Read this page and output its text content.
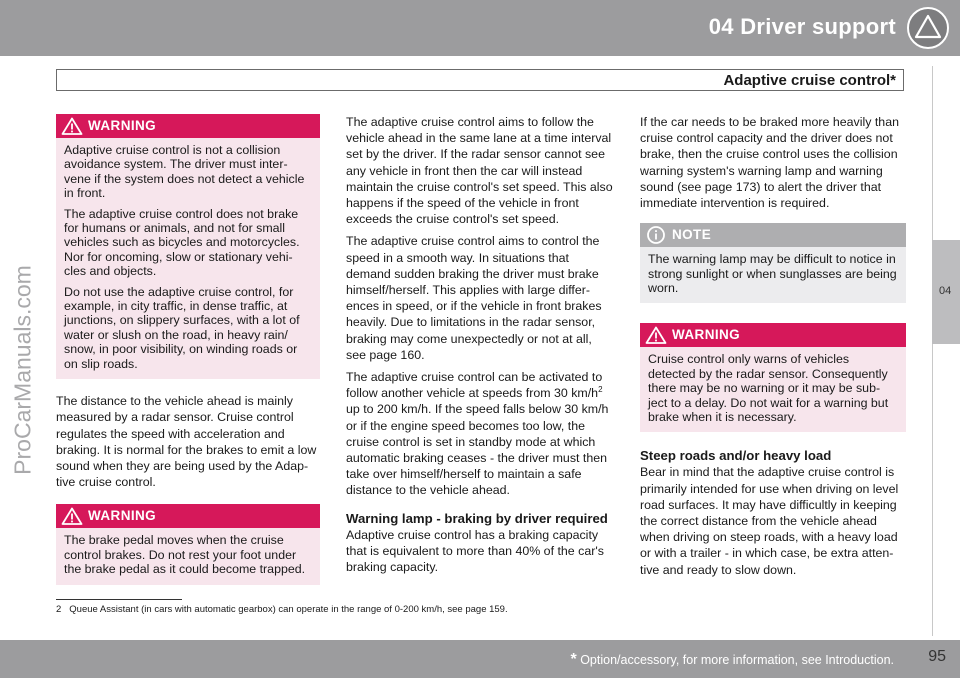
04 Driver support
Adaptive cruise control*
04
ProCarManuals.com
WARNING

Adaptive cruise control is not a collision avoidance system. The driver must inter-vene if the system does not detect a vehicle in front.

The adaptive cruise control does not brake for humans or animals, and not for small vehicles such as bicycles and motorcycles. Nor for oncoming, slow or stationary vehi-cles and objects.

Do not use the adaptive cruise control, for example, in city traffic, in dense traffic, at junctions, on slippery surfaces, with a lot of water or slush on the road, in heavy rain/ snow, in poor visibility, on winding roads or on slip roads.

The distance to the vehicle ahead is mainly measured by a radar sensor. Cruise control regulates the speed with acceleration and braking. It is normal for the brakes to emit a low sound when they are being used by the Adap-tive cruise control.

WARNING

The brake pedal moves when the cruise control brakes. Do not rest your foot under the brake pedal as it could become trapped.

The adaptive cruise control aims to follow the vehicle ahead in the same lane at a time interval set by the driver. If the radar sensor cannot see any vehicle in front then the car will instead maintain the cruise control's set speed. This also happens if the speed of the vehicle in front exceeds the cruise control's set speed.

The adaptive cruise control aims to control the speed in a smooth way. In situations that demand sudden braking the driver must brake himself/herself. This applies with large differ-ences in speed, or if the vehicle in front brakes heavily. Due to limitations in the radar sensor, braking may come unexpectedly or not at all, see page 160.

The adaptive cruise control can be activated to follow another vehicle at speeds from 30 $km/h^2$ up to 200 km/h. If the speed falls below 30 km/h or if the engine speed becomes too low, the cruise control is set in standby mode at which automatic braking ceases - the driver must then take over himself/herself to maintain a safe distance to the vehicle ahead.

Warning lamp - braking by driver required

Adaptive cruise control has a braking capacity that is equivalent to more than 40% of the car's braking capacity.

If the car needs to be braked more heavily than cruise control capacity and the driver does not brake, then the cruise control uses the collision warning system's warning lamp and warning sound (see page 173) to alert the driver that immediate intervention is required.

NOTE

The warning lamp may be difficult to notice in strong sunlight or when sunglasses are being worn.

WARNING

Cruise control only warns of vehicles detected by the radar sensor. Consequently there may be no warning or it may be sub-ject to a delay. Do not wait for a warning but brake when it is necessary.

Steep roads and/or heavy load

Bear in mind that the adaptive cruise control is primarily intended for use when driving on level road surfaces. It may have difficultly in keeping the correct distance from the vehicle ahead when driving on steep roads, with a heavy load or with a trailer - in which case, be extra atten-tive and ready to slow down.

2 Queue Assistant (in cars with automatic gearbox) can operate in the range of 0-200 km/h, see page 159.
* Option/accessory, for more information, see Introduction. 95
